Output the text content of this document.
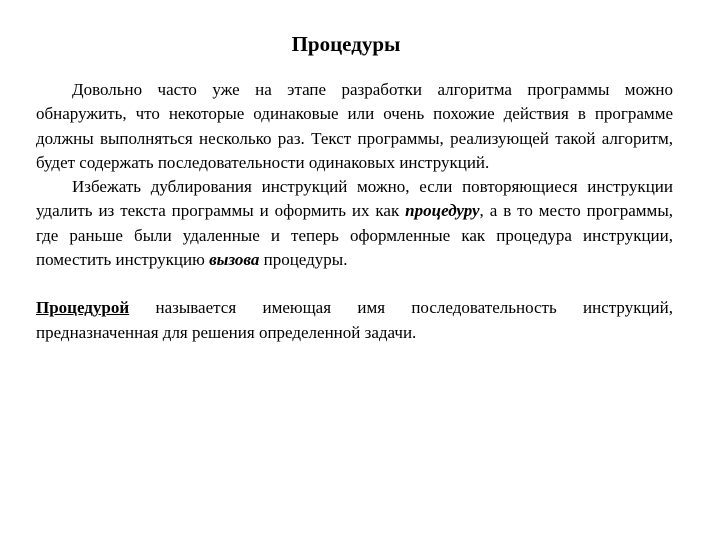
Процедуры

Довольно часто уже на этапе разработки алгоритма программы можно обнаружить, что некоторые одинаковые или очень похожие действия в программе должны выполняться несколько раз. Текст программы, реализующей такой алгоритм, будет содержать последовательности одинаковых инструкций.

Избежать дублирования инструкций можно, если повторяющиеся инструкции удалить из текста программы и оформить их как процедуру, а в то место программы, где раньше были удаленные и теперь оформленные как процедура инструкции, поместить инструкцию вызова процедуры.

Процедурой называется имеющая имя последовательность инструкций, предназначенная для решения определенной задачи.
